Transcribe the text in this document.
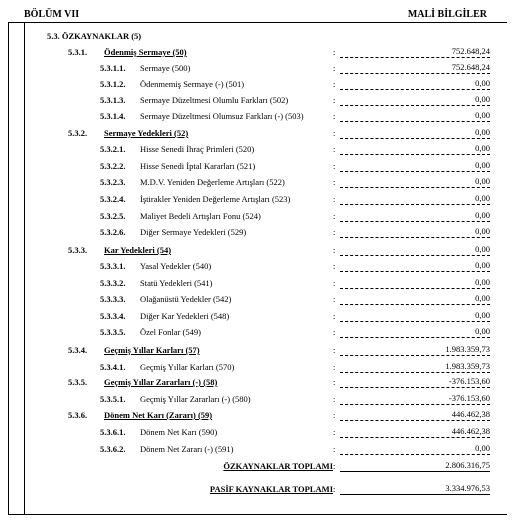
BÖLÜM VII	MALİ BİLGİLER
5.3. ÖZKAYNAKLAR (5)
5.3.1. Ödenmiş Sermaye (50)	:	752.648,24
5.3.1.1. Sermaye (500)	:	752.648,24
5.3.1.2. Ödenmemiş Sermaye (-) (501)	:	0,00
5.3.1.3. Sermaye Düzeltmesi Olumlu Farkları (502)	:	0,00
5.3.1.4. Sermaye Düzeltmesi Olumsuz Farkları (-) (503)	:	0,00
5.3.2. Sermaye Yedekleri (52)	:	0,00
5.3.2.1. Hisse Senedi İhraç Primleri (520)	:	0,00
5.3.2.2. Hisse Senedi İptal Kararları (521)	:	0,00
5.3.2.3. M.D.V. Yeniden Değerleme Artışları (522)	:	0,00
5.3.2.4. İştirakler Yeniden Değerleme Artışları (523)	:	0,00
5.3.2.5. Maliyet Bedeli Artışları Fonu (524)	:	0,00
5.3.2.6. Diğer Sermaye Yedekleri (529)	:	0,00
5.3.3. Kar Yedekleri (54)	:	0,00
5.3.3.1. Yasal Yedekler (540)	:	0,00
5.3.3.2. Statü Yedekleri (541)	:	0,00
5.3.3.3. Olağanüstü Yedekler (542)	:	0,00
5.3.3.4. Diğer Kar Yedekleri (548)	:	0,00
5.3.3.5. Özel Fonlar (549)	:	0,00
5.3.4. Geçmiş Yıllar Karları (57)	:	1.983.359,73
5.3.4.1. Geçmiş Yıllar Karları (570)	:	1.983.359,73
5.3.5. Geçmiş Yıllar Zararları (-) (58)	:	-376.153,60
5.3.5.1. Geçmiş Yıllar Zararları (-) (580)	:	-376.153,60
5.3.6. Dönem Net Karı (Zararı) (59)	:	446.462,38
5.3.6.1. Dönem Net Karı (590)	:	446.462,38
5.3.6.2. Dönem Net Zararı (-) (591)	:	0,00
ÖZKAYNAKLAR TOPLAMI :	2.806.316,75
PASİF KAYNAKLAR TOPLAMI :	3.334.976,53
